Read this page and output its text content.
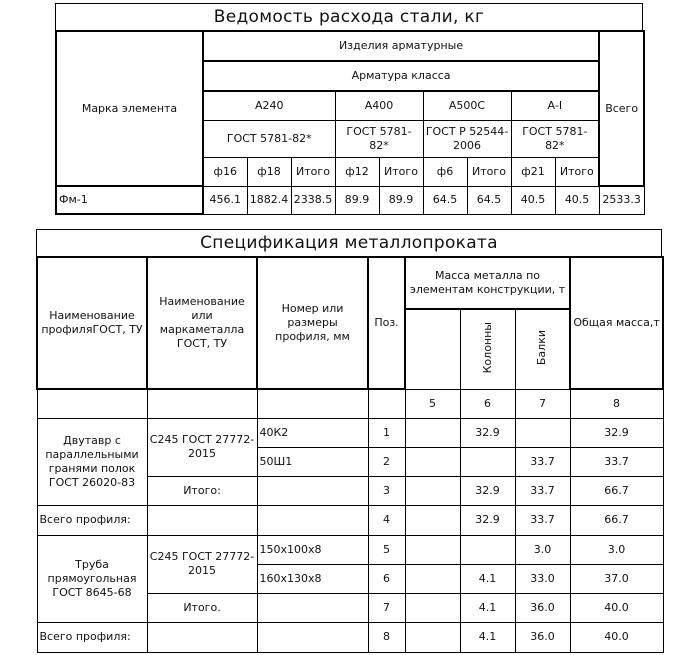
Ведомость расхода стали, кг
Марка элемента	Изделия арматурные									Всего
	Арматура класса									
	А240			А400		А500С		А-I		
	ГОСТ 5781-82*			ГОСТ 5781-82*		ГОСТ Р 52544-2006		ГОСТ 5781-82*		
	ф16	ф18	Итого	ф12	Итого	ф6	Итого	ф21	Итого	

Фм-1	456.1	1882.4	2338.5	89.9	89.9	64.5	64.5	40.5	40.5	2533.3
Спецификация металлопроката
Наименование профиляГОСТ, ТУ	Наименование или маркаметалла ГОСТ, ТУ	Номер или размеры профиля, мм	Поз.	Масса металла по элементам конструкции, т			Общая масса,т
					Колонны	Балки	
				5	6	7	8
Двутавр с параллельными гранями полок ГОСТ 26020-83	С245 ГОСТ 27772-2015	40К2	1		32.9		32.9
		50Ш1	2			33.7	33.7
	Итого:		3		32.9	33.7	66.7
Всего профиля:			4		32.9	33.7	66.7
Труба прямоугольная ГОСТ 8645-68	С245 ГОСТ 27772-2015	150х100х8	5			3.0	3.0
		160х130х8	6		4.1	33.0	37.0
	Итого.		7		4.1	36.0	40.0
Всего профиля:			8		4.1	36.0	40.0
